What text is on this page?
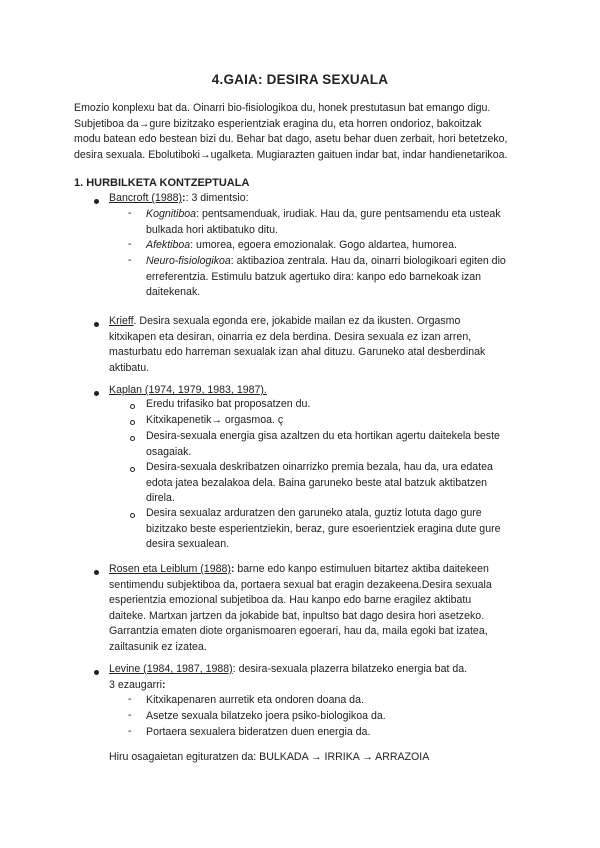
4.GAIA: DESIRA SEXUALA
Emozio konplexu bat da. Oinarri bio-fisiologikoa du, honek prestutasun bat emango digu.
Subjetiboa da→gure bizitzako esperientziak eragina du, eta horren ondorioz, bakoitzak
modu batean edo bestean bizi du. Behar bat dago, asetu behar duen zerbait, hori betetzeko,
desira sexuala. Ebolutiboki→ugalketa. Mugiarazten gaituen indar bat, indar handienetarikoa.
1. HURBILKETA KONTZEPTUALA
Bancroft (1988):: 3 dimentsio:
- Kognitiboa: pentsamenduak, irudiak. Hau da, gure pentsamendu eta usteak
bulkada hori aktibatuko ditu.
- Afektiboa: umorea, egoera emozionalak. Gogo aldartea, humorea.
- Neuro-fisiologikoa: aktibazioa zentrala. Hau da, oinarri biologikoari egiten dio
erreferentzia. Estimulu batzuk agertuko dira: kanpo edo barnekoak izan
daitekenak.
Krieff. Desira sexuala egonda ere, jokabide mailan ez da ikusten. Orgasmo
kitxikapen eta desiran, oinarria ez dela berdina. Desira sexuala ez izan arren,
masturbatu edo harreman sexualak izan ahal dituzu. Garuneko atal desberdinak
aktibatu.
Kaplan (1974, 1979, 1983, 1987).
Eredu trifasiko bat proposatzen du.
Kitxikapenetik→ orgasmoa. ç
Desira-sexuala energia gisa azaltzen du eta hortikan agertu daitekela beste
osagaiak.
Desira-sexuala deskribatzen oinarrizko premia bezala, hau da, ura edatea
edota jatea bezalakoa dela. Baina garuneko beste atal batzuk aktibatzen
direla.
Desira sexualaz arduratzen den garuneko atala, guztiz lotuta dago gure
bizitzako beste esperientziekin, beraz, gure esoerientziek eragina dute gure
desira sexualean.
Rosen eta Leiblum (1988): barne edo kanpo estimuluen bitartez aktiba daitekeen
sentimendu subjektiboa da, portaera sexual bat eragin dezakeena.Desira sexuala
esperientzia emozional subjetiboa da. Hau kanpo edo barne eragilez aktibatu
daiteke. Martxan jartzen da jokabide bat, inpultso bat dago desira hori asetzeko.
Garrantzia ematen diote organismoaren egoerari, hau da, maila egoki bat izatea,
zailtasunik ez izatea.
Levine (1984, 1987, 1988): desira-sexuala plazerra bilatzeko energia bat da.
3 ezaugarri:
- Kitxikapenaren aurretik eta ondoren doana da.
- Asetze sexuala bilatzeko joera psiko-biologikoa da.
- Portaera sexualera bideratzen duen energia da.
Hiru osagaietan egituratzen da: BULKADA → IRRIKA → ARRAZOIA
